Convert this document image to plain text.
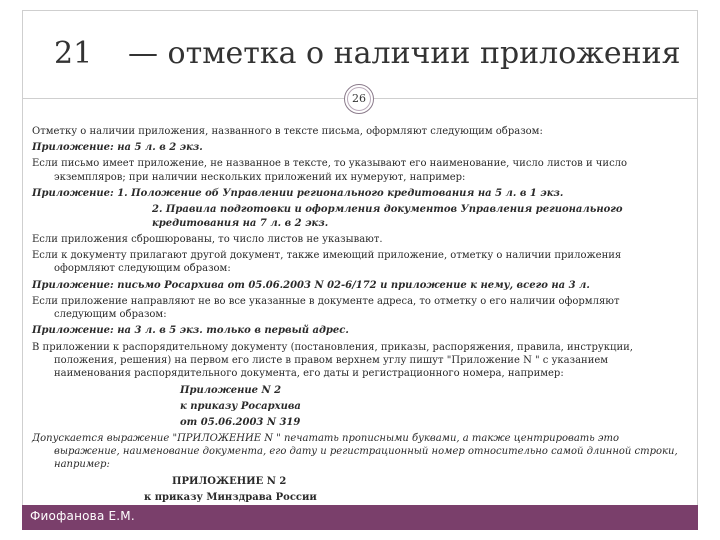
21 — отметка о наличии приложения
26
Отметку о наличии приложения, названного в тексте письма, оформляют следующим образом:
Приложение: на 5 л. в 2 экз.
Если письмо имеет приложение, не названное в тексте, то указывают его наименование, число листов и число экземпляров; при наличии нескольких приложений их нумеруют, например:
Приложение: 1. Положение об Управлении регионального кредитования на 5 л. в 1 экз.
2. Правила подготовки и оформления документов Управления регионального кредитования на 7 л. в 2 экз.
Если приложения сброшюрованы, то число листов не указывают.
Если к документу прилагают другой документ, также имеющий приложение, отметку о наличии приложения оформляют следующим образом:
Приложение: письмо Росархива от 05.06.2003 N 02-6/172 и приложение к нему, всего на 3 л.
Если приложение направляют не во все указанные в документе адреса, то отметку о его наличии оформляют следующим образом:
Приложение: на 3 л. в 5 экз. только в первый адрес.
В приложении к распорядительному документу (постановления, приказы, распоряжения, правила, инструкции, положения, решения) на первом его листе в правом верхнем углу пишут "Приложение N " с указанием наименования распорядительного документа, его даты и регистрационного номера, например:
Приложение N 2
к приказу Росархива
от 05.06.2003 N 319
Допускается выражение "ПРИЛОЖЕНИЕ N " печатать прописными буквами, а также центрировать это выражение, наименование документа, его дату и регистрационный номер относительно самой длинной строки, например:
ПРИЛОЖЕНИЕ N 2
к приказу Минздрава России
Фиофанова Е.М.
